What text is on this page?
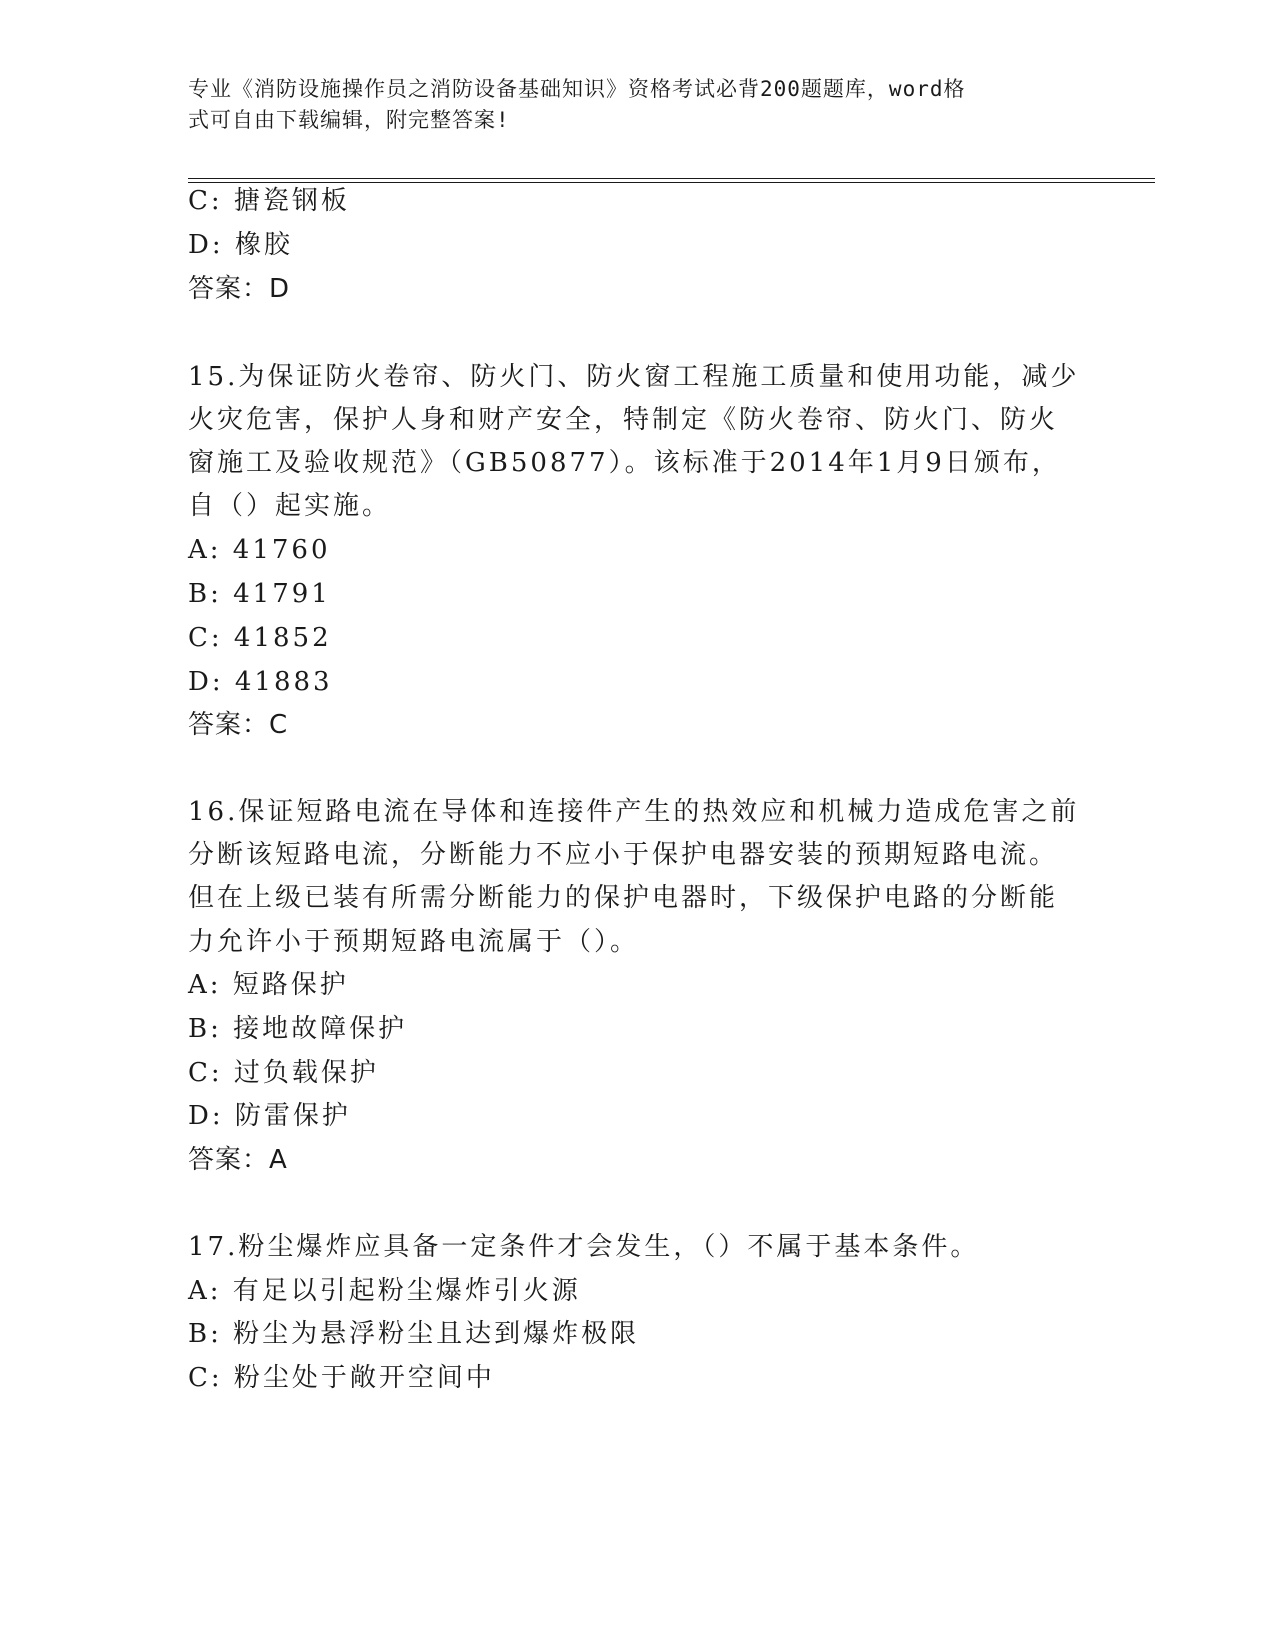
专业《消防设施操作员之消防设备基础知识》资格考试必背200题题库，word格
式可自由下载编辑，附完整答案!
C: 搪瓷钢板
D: 橡胶
答案：D
15.为保证防火卷帘、防火门、防火窗工程施工质量和使用功能，减少
火灾危害，保护人身和财产安全，特制定《防火卷帘、防火门、防火
窗施工及验收规范》（GB50877）。该标准于2014年1月9日颁布，
自（）起实施。
A: 41760
B: 41791
C: 41852
D: 41883
答案：C
16.保证短路电流在导体和连接件产生的热效应和机械力造成危害之前
分断该短路电流，分断能力不应小于保护电器安装的预期短路电流。
但在上级已装有所需分断能力的保护电器时，下级保护电路的分断能
力允许小于预期短路电流属于（）。
A: 短路保护
B: 接地故障保护
C: 过负载保护
D: 防雷保护
答案：A
17.粉尘爆炸应具备一定条件才会发生，（）不属于基本条件。
A: 有足以引起粉尘爆炸引火源
B: 粉尘为悬浮粉尘且达到爆炸极限
C: 粉尘处于敞开空间中
